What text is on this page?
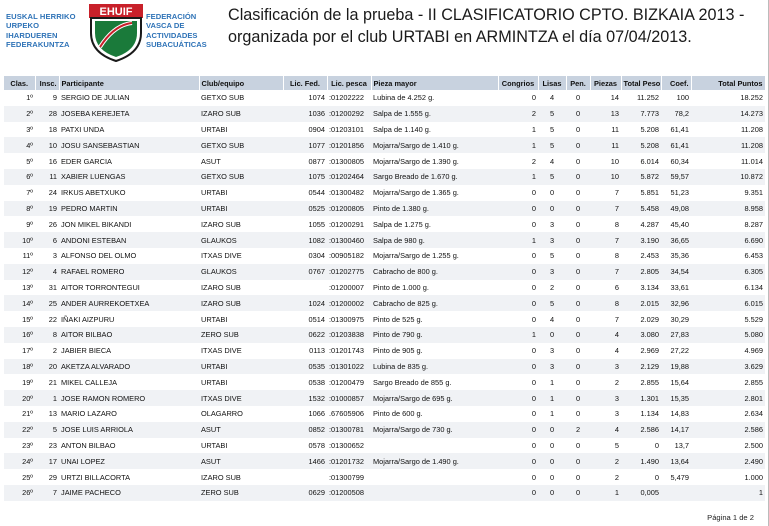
EUSKAL HERRIKO
URPEKO
IHARDUEREN
FEDERAKUNTZA
EHUIF FEDERACIÓN
VASCA DE
ACTIVIDADES
SUBACUÁTICAS
Clasificación de la prueba - II CLASIFICATORIO CPTO. BIZKAIA 2013 -
organizada por el club URTABI en ARMINTZA el día 07/04/2013.
Clas.	Insc.	Participante	Club/equipo	Lic. Fed.	Lic. pesca	Pieza mayor	Congrios	Lisas	Pen.	Piezas	Total Peso	Coef.	Total Puntos
1º	9	SERGIO DE JULIAN	GETXO SUB	1074	:01202222	Lubina de 4.252 g.	0	4	0	14	11.252	100	18.252
2º	28	JOSEBA KEREJETA	IZARO SUB	1036	:01200292	Salpa de 1.555 g.	2	5	0	13	7.773	78,2	14.273
3º	18	PATXI UNDA	URTABI	0904	:01203101	Salpa de 1.140 g.	1	5	0	11	5.208	61,41	11.208
4º	10	JOSU SANSEBASTIAN	GETXO SUB	1077	:01201856	Mojarra/Sargo de 1.410 g.	1	5	0	11	5.208	61,41	11.208
5º	16	EDER GARCIA	ASUT	0877	:01300805	Mojarra/Sargo de 1.390 g.	2	4	0	10	6.014	60,34	11.014
6º	11	XABIER LUENGAS	GETXO SUB	1075	:01202464	Sargo Breado de 1.670 g.	1	5	0	10	5.872	59,57	10.872
7º	24	IRKUS ABETXUKO	URTABI	0544	:01300482	Mojarra/Sargo de 1.365 g.	0	0	0	7	5.851	51,23	9.351
8º	19	PEDRO MARTIN	URTABI	0525	:01200805	Pinto de 1.380 g.	0	0	0	7	5.458	49,08	8.958
9º	26	JON MIKEL BIKANDI	IZARO SUB	1055	:01200291	Salpa de 1.275 g.	0	3	0	8	4.287	45,40	8.287
10º	6	ANDONI ESTEBAN	GLAUKOS	1082	:01300460	Salpa de 980 g.	1	3	0	7	3.190	36,65	6.690
11º	3	ALFONSO DEL OLMO	ITXAS DIVE	0304	:00905182	Mojarra/Sargo de 1.255 g.	0	5	0	8	2.453	35,36	6.453
12º	4	RAFAEL ROMERO	GLAUKOS	0767	:01202775	Cabracho de 800 g.	0	3	0	7	2.805	34,54	6.305
13º	31	AITOR TORRONTEGUI	IZARO SUB		:01200007	Pinto de 1.000 g.	0	2	0	6	3.134	33,61	6.134
14º	25	ANDER AURREKOETXEA	IZARO SUB	1024	:01200002	Cabracho de 825 g.	0	5	0	8	2.015	32,96	6.015
15º	22	IÑAKI AIZPURU	URTABI	0514	:01300975	Pinto de 525 g.	0	4	0	7	2.029	30,29	5.529
16º	8	AITOR BILBAO	ZERO SUB	0622	:01203838	Pinto de 790 g.	1	0	0	4	3.080	27,83	5.080
17º	2	JABIER BIECA	ITXAS DIVE	0113	:01201743	Pinto de 905 g.	0	3	0	4	2.969	27,22	4.969
18º	20	AKETZA ALVARADO	URTABI	0535	:01301022	Lubina de 835 g.	0	3	0	3	2.129	19,88	3.629
19º	21	MIKEL CALLEJA	URTABI	0538	:01200479	Sargo Breado de 855 g.	0	1	0	2	2.855	15,64	2.855
20º	1	JOSE RAMON ROMERO	ITXAS DIVE	1532	:01000857	Mojarra/Sargo de 695 g.	0	1	0	3	1.301	15,35	2.801
21º	13	MARIO LAZARO	OLAGARRO	1066	.67605906	Pinto de 600 g.	0	1	0	3	1.134	14,83	2.634
22º	5	JOSE LUIS ARRIOLA	ASUT	0852	:01300781	Mojarra/Sargo de 730 g.	0	0	2	4	2.586	14,17	2.586
23º	23	ANTON BILBAO	URTABI	0578	:01300652		0	0	0	5	0	13,7	2.500
24º	17	UNAI LOPEZ	ASUT	1466	:01201732	Mojarra/Sargo de 1.490 g.	0	0	0	2	1.490	13,64	2.490
25º	29	URTZI BILLACORTA	IZARO SUB		:01300799		0	0	0	2	0	5,479	1.000
26º	7	JAIME PACHECO	ZERO SUB	0629	:01200508		0	0	0	1	0,005		1
Página 1 de 2
